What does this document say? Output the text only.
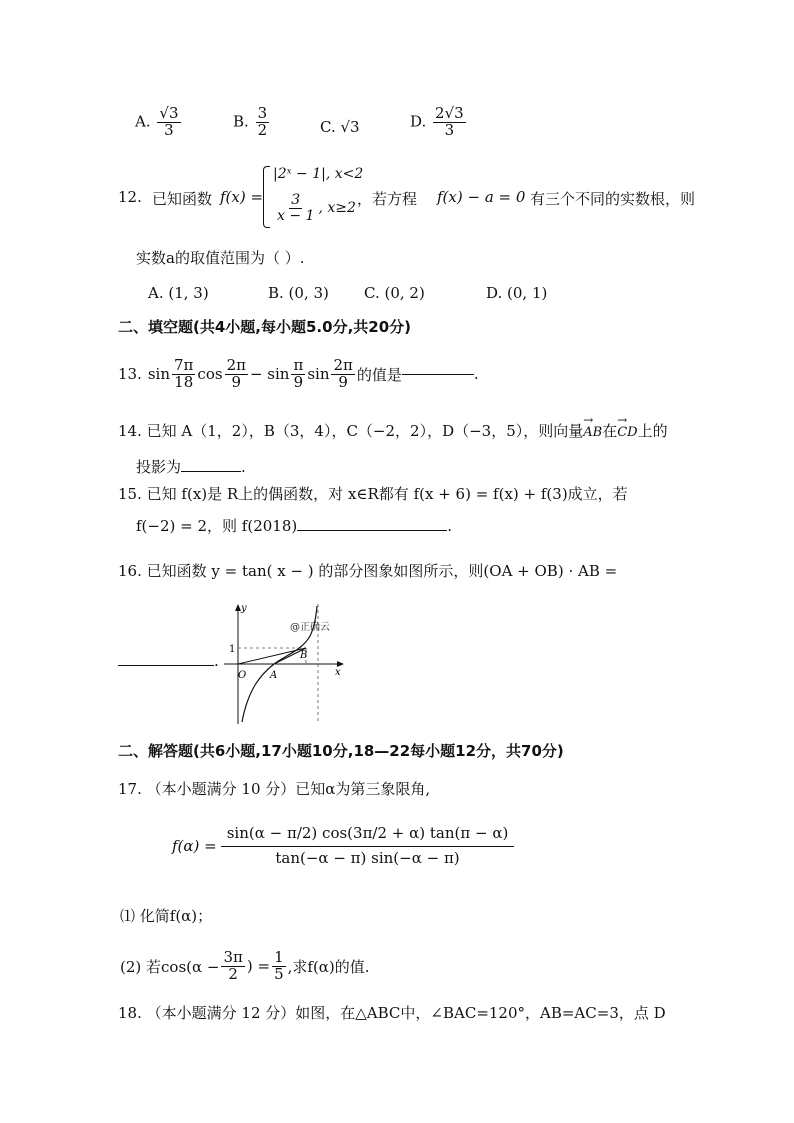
A. $\frac{√3}{3}$	B. $\frac{3}{2}$	C. √3	D. $\frac{2√3}{3}$
12. 已知函数 f(x) =
|2ˣ − 1|, x<2
$\frac{3}{x - 1}$ , x≥2
，若方程 f(x) − a = 0 有三个不同的实数根，则
实数a的取值范围为（ ）.
A. (1, 3)	B. (0, 3) C. (0, 2)	D. (0, 1)
二、填空题(共4小题,每小题5.0分,共20分)
13. $\sin \frac{7\pi}{18}$ $\cos \frac{2\pi}{9} - \sin \frac{\pi}{9}$ $\sin \frac{2\pi}{9}$ 的值是	.
14. 已知 A（1，2），B（3，4），C（−2，2），D（−3，5），则向量→ AB在→ CD上的
投影为	.
15. 已知 f(x)是 R上的偶函数，对 x∈R都有 f(x + 6) = f(x) + f(3)成立，若
f(−2) = 2，则 f(2018)	.
16. 已知函数 y = tan( x − ) 的部分图象如图所示，则(OA + OB) · AB =
.
y
x
O A
B
1
@正确云
二、解答题(共6小题,17小题10分,18—22每小题12分，共70分)
17. （本小题满分 10 分）已知α为第三象限角,
$f(\alpha) = \frac{\sin(\alpha - \pi/2) \cos(3\pi/2 + \alpha) \tan(\pi - \alpha)}{\tan(-\alpha - \pi) \sin(-\alpha - \pi)}$
⑴ 化简f(α)；
(2) 若$\cos(\alpha - \frac{3\pi}{2}$ ) = $\frac{1}{5}$ ,求f(α)的值.
18. （本小题满分 12 分）如图，在△ABC中，∠BAC=120°，AB=AC=3，点 D
